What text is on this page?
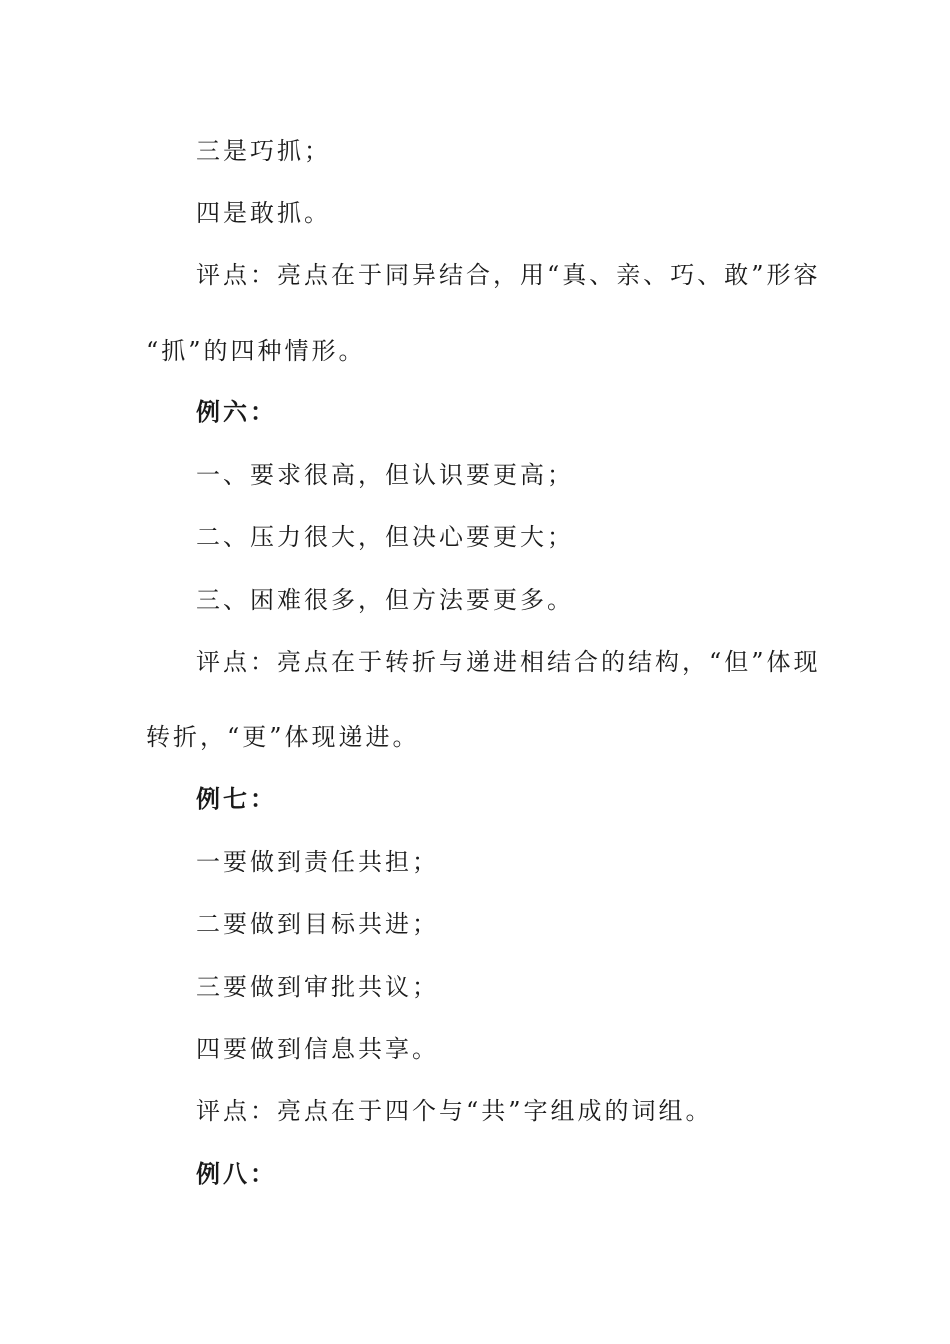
三是巧抓；
四是敢抓。
评点：亮点在于同异结合，用“真、亲、巧、敢”形容
“抓”的四种情形。
例六：
一、要求很高，但认识要更高；
二、压力很大，但决心要更大；
三、困难很多，但方法要更多。
评点：亮点在于转折与递进相结合的结构，“但”体现
转折，“更”体现递进。
例七：
一要做到责任共担；
二要做到目标共进；
三要做到审批共议；
四要做到信息共享。
评点：亮点在于四个与“共”字组成的词组。
例八：
